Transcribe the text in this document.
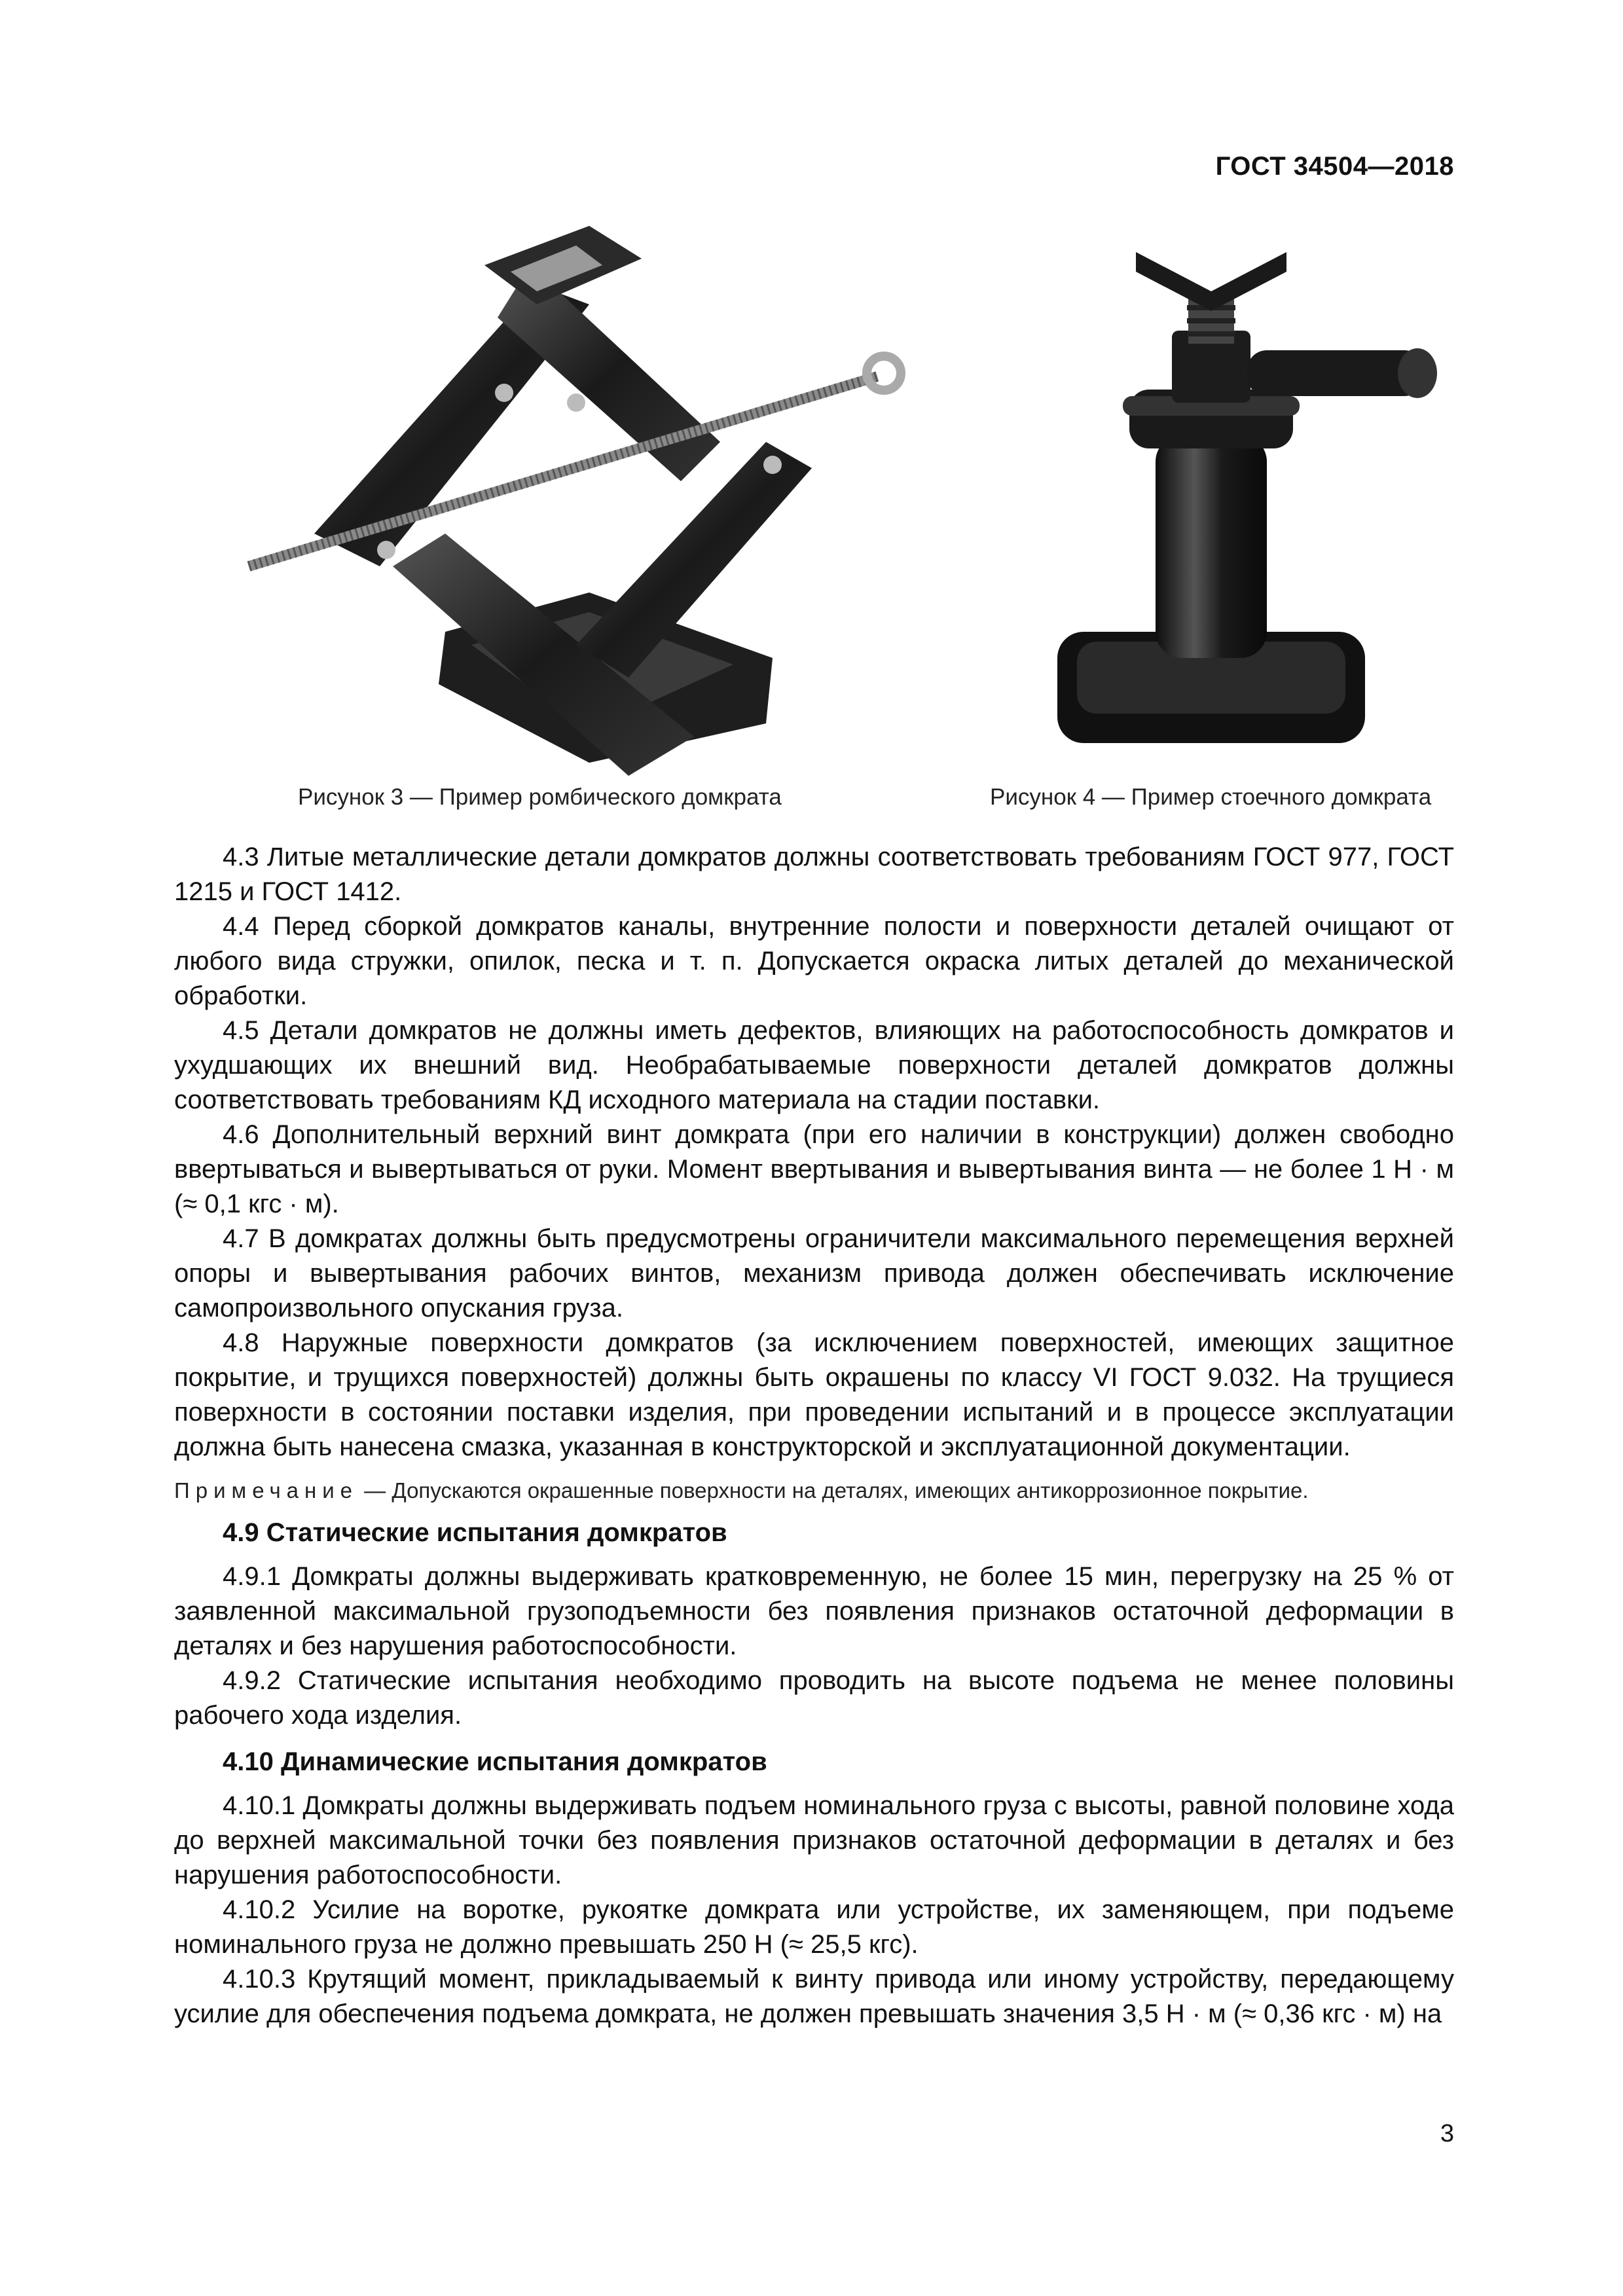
ГОСТ 34504—2018
Рисунок 3 — Пример ромбического домкрата	Рисунок 4 — Пример стоечного домкрата

4.3 Литые металлические детали домкратов должны соответствовать требованиям ГОСТ 977, ГОСТ 1215 и ГОСТ 1412.

4.4 Перед сборкой домкратов каналы, внутренние полости и поверхности деталей очищают от любого вида стружки, опилок, песка и т. п. Допускается окраска литых деталей до механической обработки.

4.5 Детали домкратов не должны иметь дефектов, влияющих на работоспособность домкратов и ухудшающих их внешний вид. Необрабатываемые поверхности деталей домкратов должны соответствовать требованиям КД исходного материала на стадии поставки.

4.6 Дополнительный верхний винт домкрата (при его наличии в конструкции) должен свободно ввертываться и вывертываться от руки. Момент ввертывания и вывертывания винта — не более 1 Н · м (≈ 0,1 кгс · м).

4.7 В домкратах должны быть предусмотрены ограничители максимального перемещения верхней опоры и вывертывания рабочих винтов, механизм привода должен обеспечивать исключение самопроизвольного опускания груза.

4.8 Наружные поверхности домкратов (за исключением поверхностей, имеющих защитное покрытие, и трущихся поверхностей) должны быть окрашены по классу VI ГОСТ 9.032. На трущиеся поверхности в состоянии поставки изделия, при проведении испытаний и в процессе эксплуатации должна быть нанесена смазка, указанная в конструкторской и эксплуатационной документации.

Примечание — Допускаются окрашенные поверхности на деталях, имеющих антикоррозионное покрытие.

4.9 Статические испытания домкратов

4.9.1 Домкраты должны выдерживать кратковременную, не более 15 мин, перегрузку на 25 % от заявленной максимальной грузоподъемности без появления признаков остаточной деформации в деталях и без нарушения работоспособности.

4.9.2 Статические испытания необходимо проводить на высоте подъема не менее половины рабочего хода изделия.

4.10 Динамические испытания домкратов

4.10.1 Домкраты должны выдерживать подъем номинального груза с высоты, равной половине хода до верхней максимальной точки без появления признаков остаточной деформации в деталях и без нарушения работоспособности.

4.10.2 Усилие на воротке, рукоятке домкрата или устройстве, их заменяющем, при подъеме номинального груза не должно превышать 250 Н (≈ 25,5 кгс).

4.10.3 Крутящий момент, прикладываемый к винту привода или иному устройству, передающему усилие для обеспечения подъема домкрата, не должен превышать значения 3,5 Н · м (≈ 0,36 кгс · м) на

3
